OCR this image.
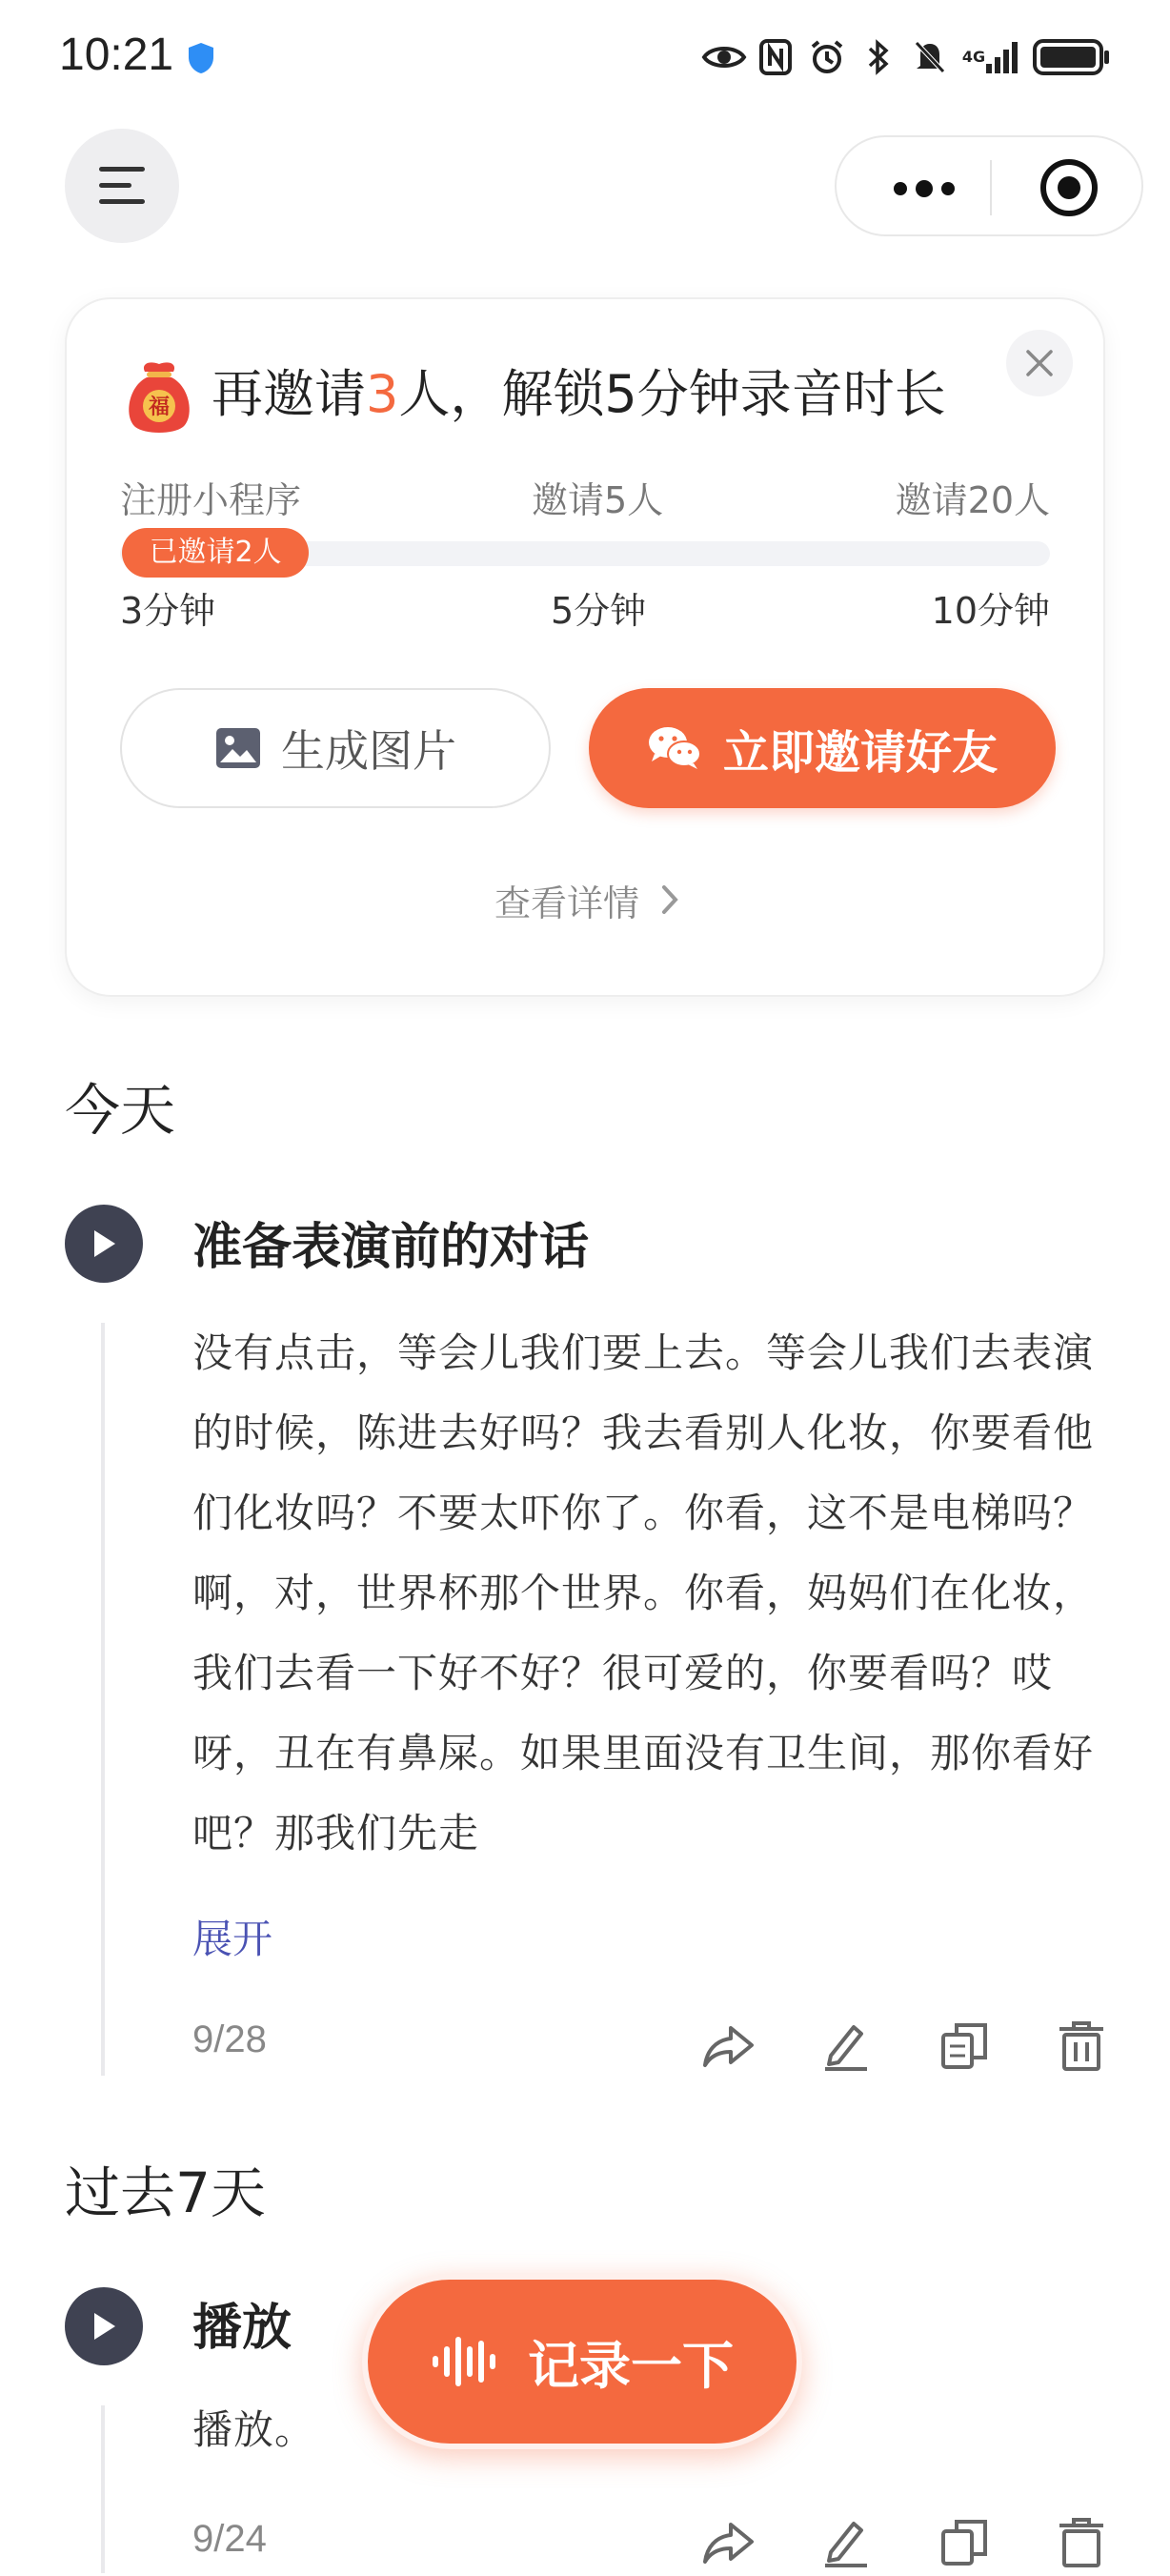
10:21	4G
福 再邀请3人，解锁5分钟录音时长
注册小程序	邀请5人	邀请20人
已邀请2人
3分钟	5分钟	10分钟
生成图片	立即邀请好友
查看详情
今天
准备表演前的对话
没有点击，等会儿我们要上去。等会儿我们去表演的时候，陈进去好吗？我去看别人化妆，你要看他们化妆吗？不要太吓你了。你看，这不是电梯吗？啊，对，世界杯那个世界。你看，妈妈们在化妆，我们去看一下好不好？很可爱的，你要看吗？哎呀，丑在有鼻屎。如果里面没有卫生间，那你看好吧？那我们先走
展开
9/28
过去7天
播放
播放。
9/24
记录一下
